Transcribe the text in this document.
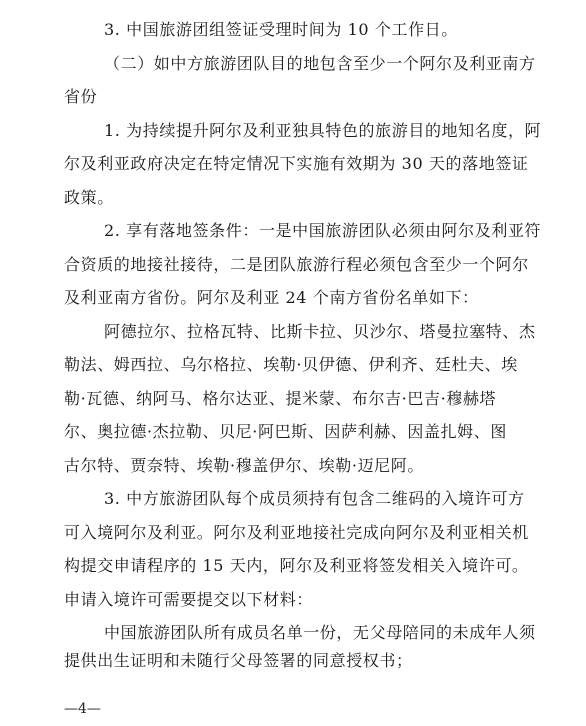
3. 中国旅游团组签证受理时间为 10 个工作日。
（二）如中方旅游团队目的地包含至少一个阿尔及利亚南方
省份
1. 为持续提升阿尔及利亚独具特色的旅游目的地知名度，阿
尔及利亚政府决定在特定情况下实施有效期为 30 天的落地签证
政策。
2. 享有落地签条件：一是中国旅游团队必须由阿尔及利亚符
合资质的地接社接待，二是团队旅游行程必须包含至少一个阿尔
及利亚南方省份。阿尔及利亚 24 个南方省份名单如下：
阿德拉尔、拉格瓦特、比斯卡拉、贝沙尔、塔曼拉塞特、杰
勒法、姆西拉、乌尔格拉、埃勒·贝伊德、伊利齐、廷杜夫、埃
勒·瓦德、纳阿马、格尔达亚、提米蒙、布尔吉·巴吉·穆赫塔
尔、奥拉德·杰拉勒、贝尼·阿巴斯、因萨利赫、因盖扎姆、图
古尔特、贾奈特、埃勒·穆盖伊尔、埃勒·迈尼阿。
3. 中方旅游团队每个成员须持有包含二维码的入境许可方
可入境阿尔及利亚。阿尔及利亚地接社完成向阿尔及利亚相关机
构提交申请程序的 15 天内，阿尔及利亚将签发相关入境许可。
申请入境许可需要提交以下材料：
中国旅游团队所有成员名单一份，无父母陪同的未成年人须
提供出生证明和未随行父母签署的同意授权书；
—4—
